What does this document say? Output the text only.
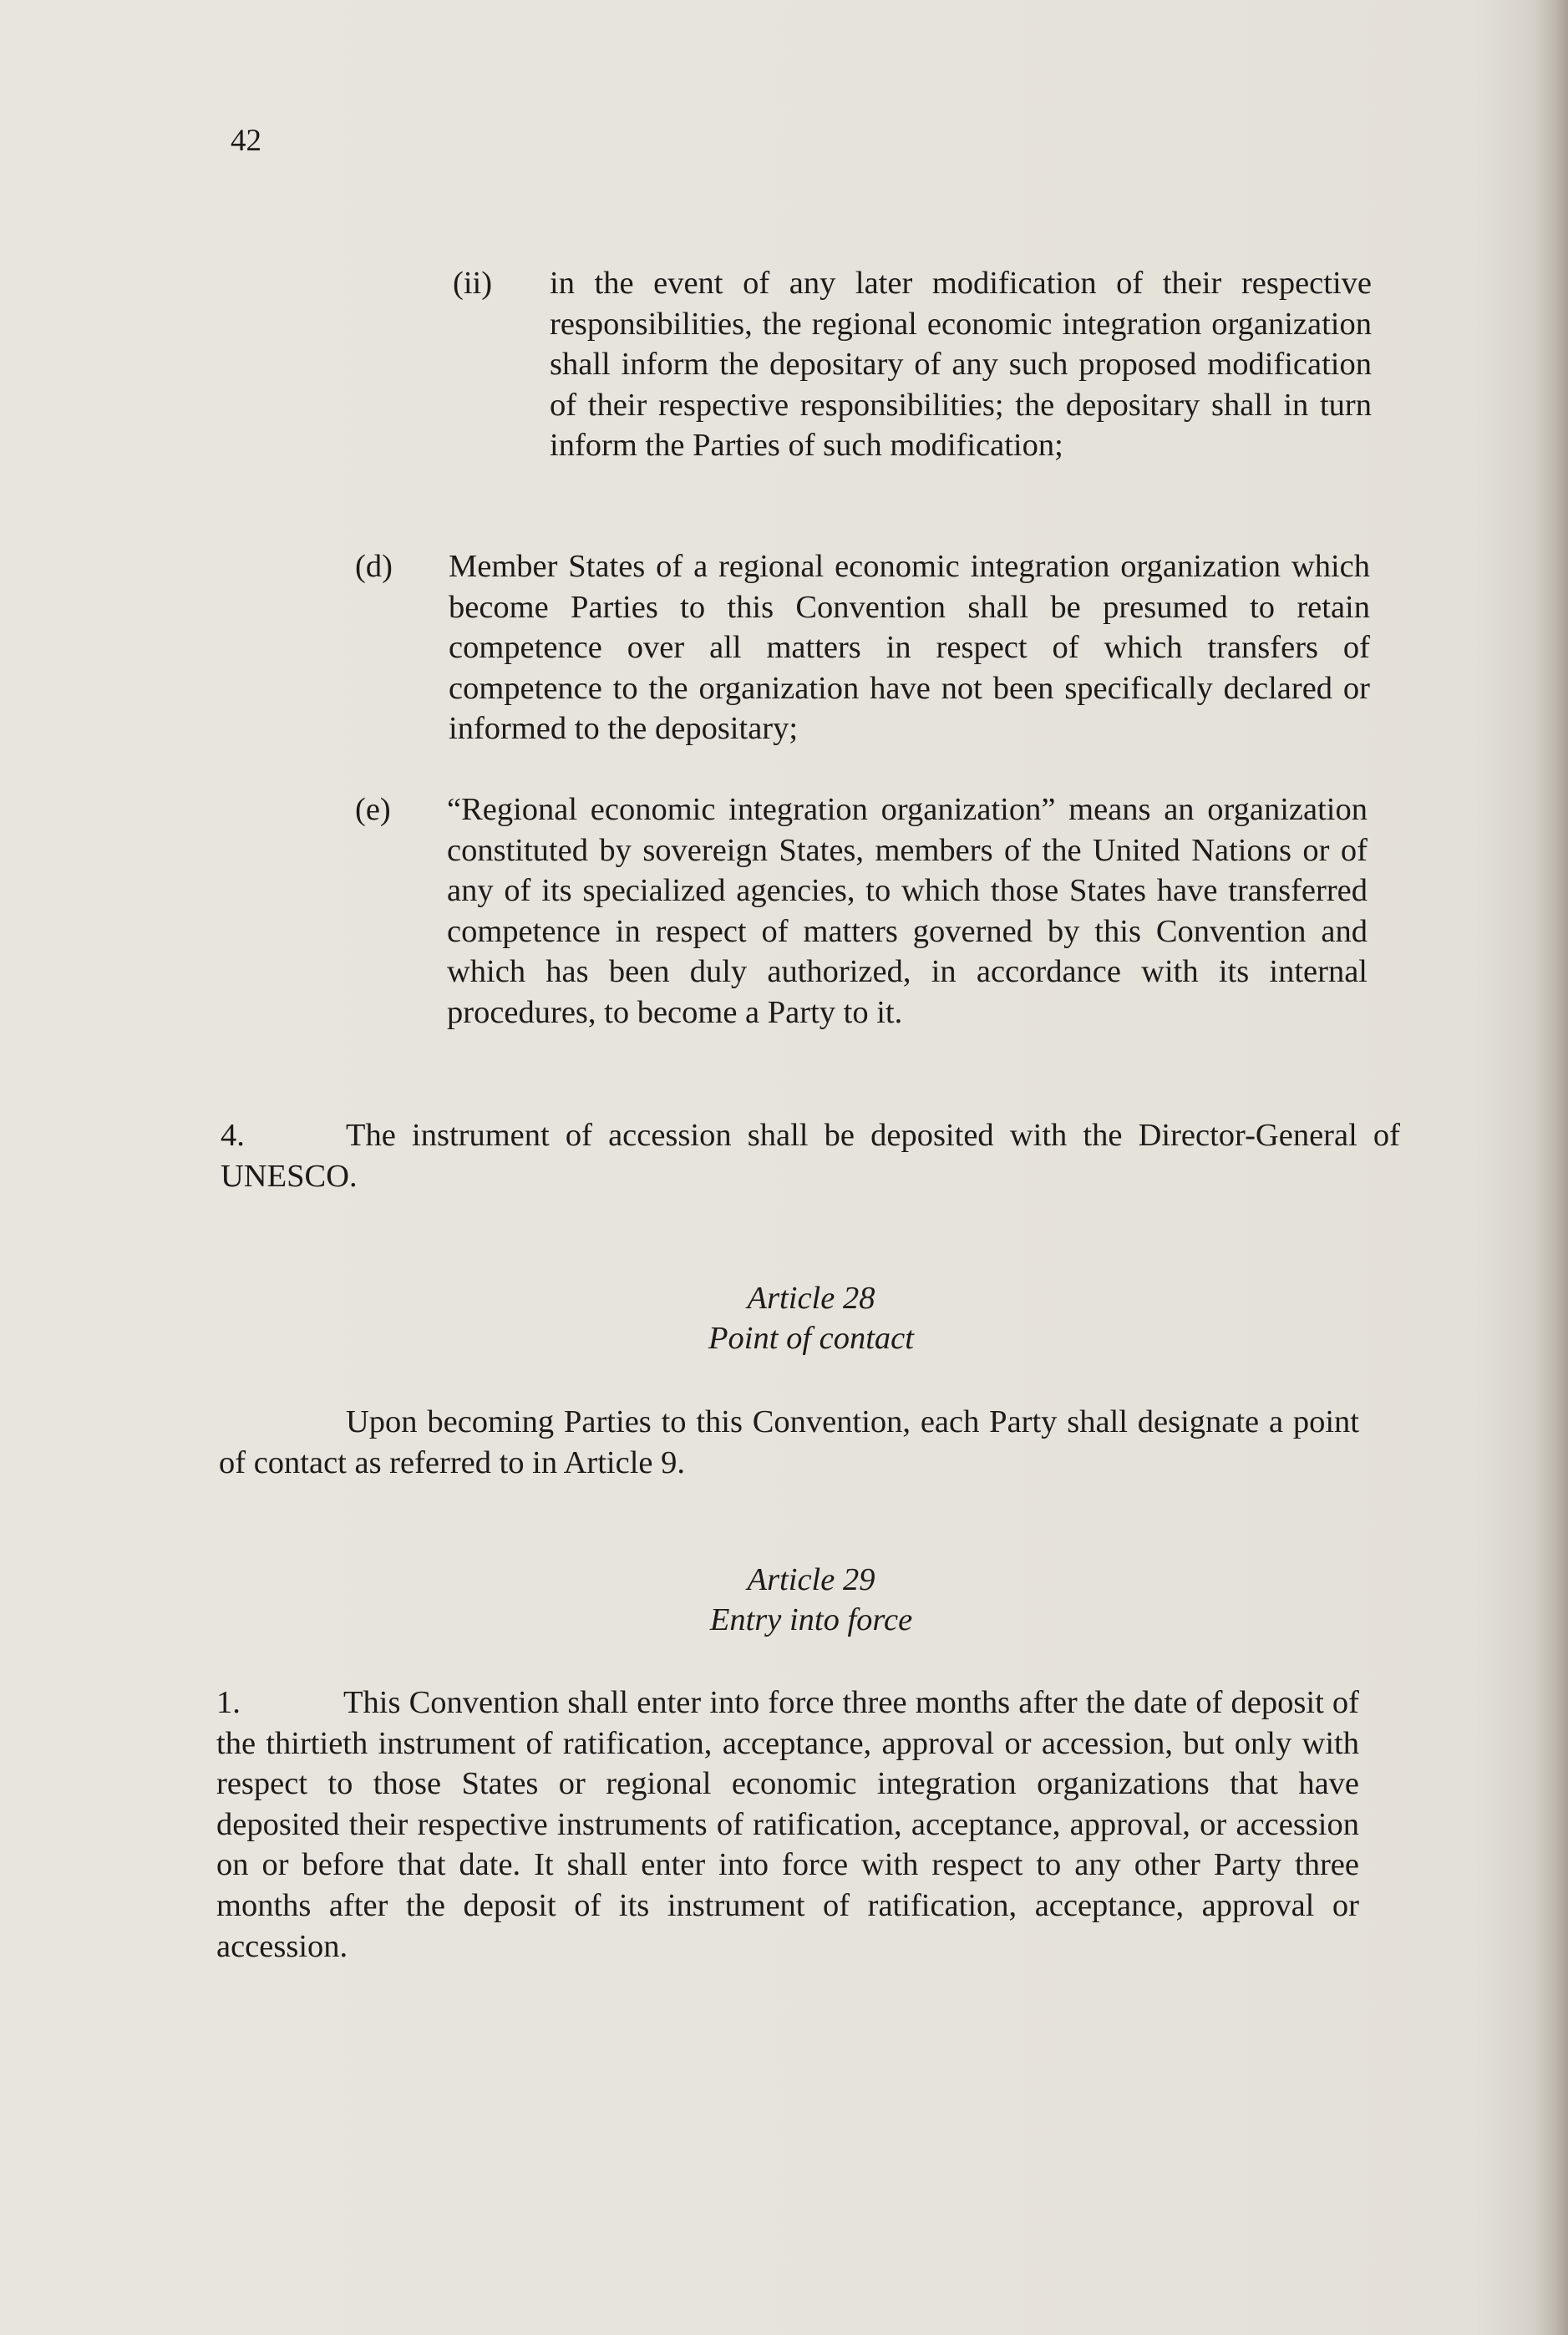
42
(ii) in the event of any later modification of their respective responsibilities, the regional economic integration organization shall inform the depositary of any such proposed modification of their respective responsibilities; the depositary shall in turn inform the Parties of such modification;
(d) Member States of a regional economic integration organization which become Parties to this Convention shall be presumed to retain competence over all matters in respect of which transfers of competence to the organization have not been specifically declared or informed to the depositary;
(e) “Regional economic integration organization” means an organization constituted by sovereign States, members of the United Nations or of any of its specialized agencies, to which those States have transferred competence in respect of matters governed by this Convention and which has been duly authorized, in accordance with its internal procedures, to become a Party to it.

4.	The instrument of accession shall be deposited with the Director-General of UNESCO.

Article 28
Point of contact

Upon becoming Parties to this Convention, each Party shall designate a point of contact as referred to in Article 9.

Article 29
Entry into force

1.	This Convention shall enter into force three months after the date of deposit of the thirtieth instrument of ratification, acceptance, approval or accession, but only with respect to those States or regional economic integration organizations that have deposited their respective instruments of ratification, acceptance, approval, or accession on or before that date. It shall enter into force with respect to any other Party three months after the deposit of its instrument of ratification, acceptance, approval or accession.
